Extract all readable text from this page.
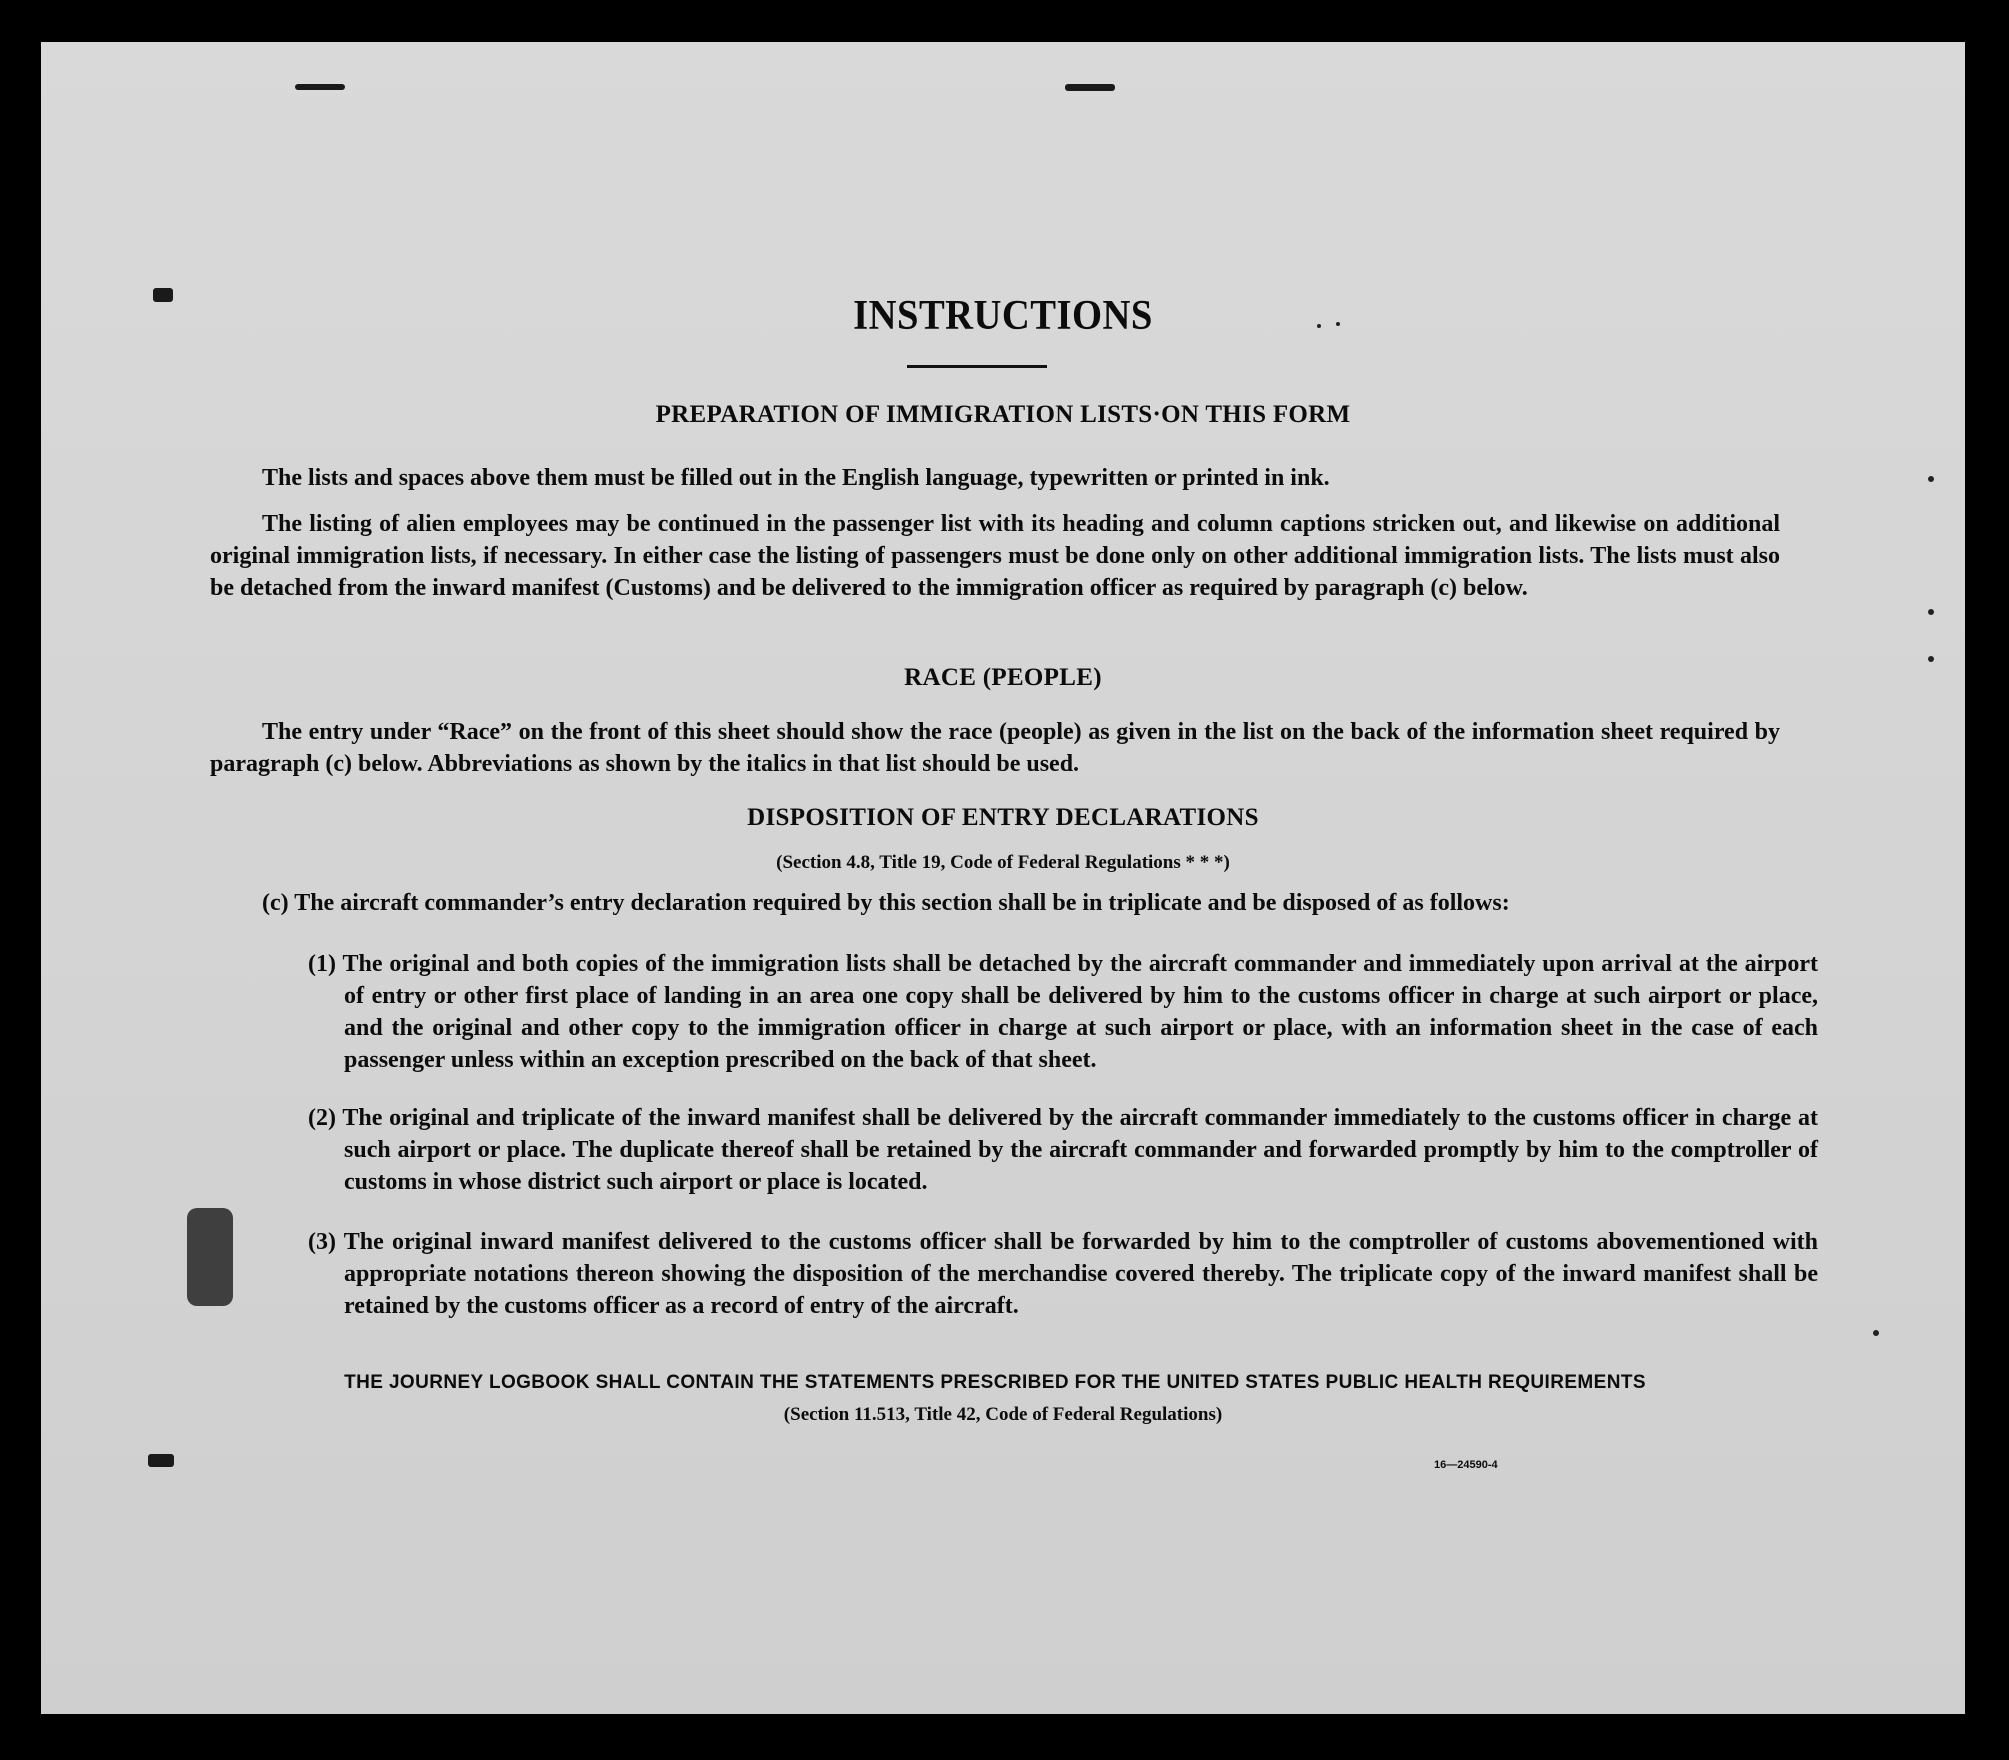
INSTRUCTIONS
PREPARATION OF IMMIGRATION LISTS·ON THIS FORM
The lists and spaces above them must be filled out in the English language, typewritten or printed in ink.
The listing of alien employees may be continued in the passenger list with its heading and column captions stricken out, and likewise on additional original immigration lists, if necessary. In either case the listing of passengers must be done only on other additional immigration lists. The lists must also be detached from the inward manifest (Customs) and be delivered to the immigration officer as required by paragraph (c) below.
RACE (PEOPLE)
The entry under “Race” on the front of this sheet should show the race (people) as given in the list on the back of the information sheet required by paragraph (c) below. Abbreviations as shown by the italics in that list should be used.
DISPOSITION OF ENTRY DECLARATIONS
(Section 4.8, Title 19, Code of Federal Regulations * * *)
(c) The aircraft commander’s entry declaration required by this section shall be in triplicate and be disposed of as follows:
(1) The original and both copies of the immigration lists shall be detached by the aircraft commander and immediately upon arrival at the airport of entry or other first place of landing in an area one copy shall be delivered by him to the customs officer in charge at such airport or place, and the original and other copy to the immigration officer in charge at such airport or place, with an information sheet in the case of each passenger unless within an exception prescribed on the back of that sheet.
(2) The original and triplicate of the inward manifest shall be delivered by the aircraft commander immediately to the customs officer in charge at such airport or place. The duplicate thereof shall be retained by the aircraft commander and forwarded promptly by him to the comptroller of customs in whose district such airport or place is located.
(3) The original inward manifest delivered to the customs officer shall be forwarded by him to the comptroller of customs abovementioned with appropriate notations thereon showing the disposition of the merchandise covered thereby. The triplicate copy of the inward manifest shall be retained by the customs officer as a record of entry of the aircraft.
THE JOURNEY LOGBOOK SHALL CONTAIN THE STATEMENTS PRESCRIBED FOR THE UNITED STATES PUBLIC HEALTH REQUIREMENTS
(Section 11.513, Title 42, Code of Federal Regulations)
16—24590-4
